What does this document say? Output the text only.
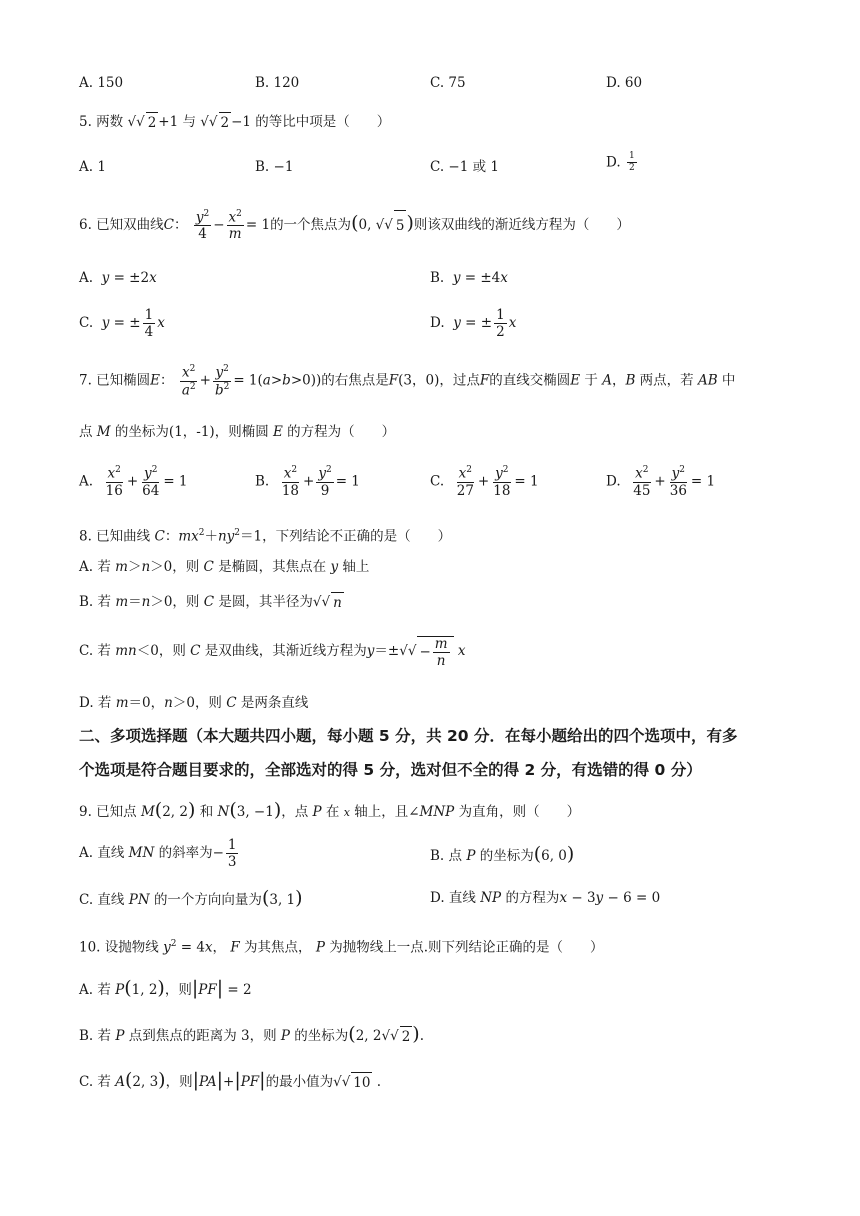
A. 150	B. 120	C. 75	D. 60
5. 两数 √ √ 2 +1 与 √ √ 2 −1 的等比中项是（　　）
A. 1	B. −1	C. −1 或 1	D. $\frac{1}{2}$
6. 已知双曲线C： $\frac{y^2}{4} - \frac{x^2}{m} = 1$的一个焦点为(0, √ √ 5 )则该双曲线的渐近线方程为（　　）
A. y = ±2x	B. y = ±4x
C. y = ± $\frac{1}{4}$ x	D. y = ± $\frac{1}{2}$ x
7. 已知椭圆E： $\frac{x^2}{a^2} + \frac{y^2}{b^2} = 1(a>b>0)$)的右焦点是F(3，0)，过点F的直线交椭圆E 于 A，B 两点，若 AB 中
点 M 的坐标为(1，-1)，则椭圆 E 的方程为（　　）
A. $\frac{x^2}{16} + \frac{y^2}{64} = 1$	B. $\frac{x^2}{18} + \frac{y^2}{9} = 1$	C. $\frac{x^2}{27} + \frac{y^2}{18} = 1$	D. $\frac{x^2}{45} + \frac{y^2}{36} = 1$
8. 已知曲线 C：$mx^2+ny^2=1$，下列结论不正确的是（　　）
A. 若 m＞n＞0，则 C 是椭圆，其焦点在 y 轴上
B. 若 m＝n＞0，则 C 是圆，其半径为 √ √ n
C. 若 mn＜0，则 C 是双曲线，其渐近线方程为y＝± √ √ − $\frac{m}{n}$ x
D. 若 m＝0，n＞0，则 C 是两条直线
二、多项选择题（本大题共四小题，每小题 5 分，共 20 分．在每小题给出的四个选项中，有多
个选项是符合题目要求的，全部选对的得 5 分，选对但不全的得 2 分，有选错的得 0 分）
9. 已知点 M(2, 2) 和 N(3, −1)，点 P 在 x 轴上，且∠MNP 为直角，则（　　）
A. 直线 MN 的斜率为− $\frac{1}{3}$	B. 点 P 的坐标为(6, 0)
C. 直线 PN 的一个方向向量为(3, 1)	D. 直线 NP 的方程为x − 3y − 6 = 0
10. 设抛物线 $y^2 = 4x$， F 为其焦点， P 为抛物线上一点.则下列结论正确的是（　　）
A. 若 P(1, 2)，则|PF| = 2
B. 若 P 点到焦点的距离为 3，则 P 的坐标为(2, 2 √ √ 2 ).
C. 若 A(2, 3)，则|PA|+|PF|的最小值为 √ √ 10 .
